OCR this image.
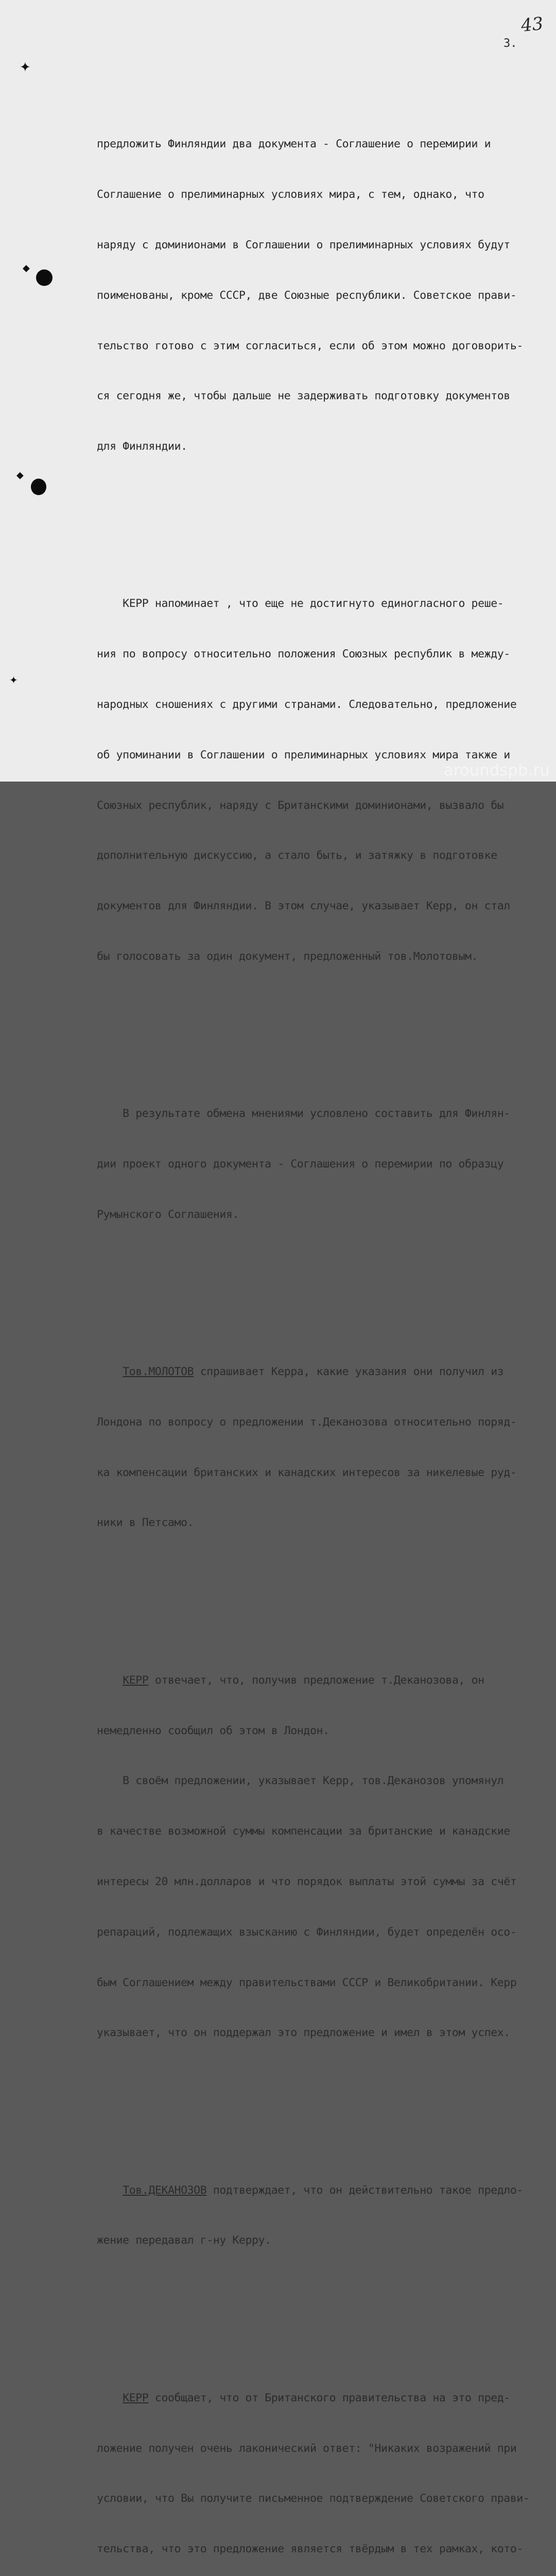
43
3.
✦
◆
◆
✦

предложить Финляндии два документа - Соглашение о перемирии и

Соглашение о прелиминарных условиях мира, с тем, однако, что

наряду с доминионами в Соглашении о прелиминарных условиях будут

поименованы, кроме СССР, две Союзные республики. Советское прави-

тельство готово с этим согласиться, если об этом можно договорить-

ся сегодня же, чтобы дальше не задерживать подготовку документов

для Финляндии.

КЕРР напоминает , что еще не достигнуто единогласного реше-

ния по вопросу относительно положения Союзных республик в между-

народных сношениях с другими странами. Следовательно, предложение

об упоминании в Соглашении о прелиминарных условиях мира также и

Союзных республик, наряду с Британскими доминионами, вызвало бы

дополнительную дискуссию, а стало быть, и затяжку в подготовке

документов для Финляндии. В этом случае, указывает Керр, он стал

бы голосовать за один документ, предложенный тов.Молотовым.

В результате обмена мнениями условлено составить для Финлян-

дии проект одного документа - Соглашения о перемирии по образцу

Румынского Соглашения.

Тов.МОЛОТОВ спрашивает Керра, какие указания они получил из

Лондона по вопросу о предложении т.Деканозова относительно поряд-

ка компенсации британских и канадских интересов за никелевые руд-

ники в Петсамо.

КЕРР отвечает, что, получив предложение т.Деканозова, он

немедленно сообщил об этом в Лондон.

В своём предложении, указывает Керр, тов.Деканозов упомянул

в качестве возможной суммы компенсации за британские и канадские

интересы 20 млн.долларов и что порядок выплаты этой суммы за счёт

репараций, подлежащих взысканию с Финляндии, будет определён осо-

бым Соглашением между правительствами СССР и Великобритании. Керр

указывает, что он поддержал это предложение и имел в этом успех.

Тов.ДЕКАНОЗОВ подтверждает, что он действительно такое предло-

жение передавал г-ну Керру.

КЕРР сообщает, что от Британского правительства на это пред-

ложение получен очень лаконический ответ: "Никаких возражений при

условии, что Вы получите письменное подтверждение Советского прави-

тельства, что это предложение является твёрдым в тех рамках, кото-

aroundspb.ru
